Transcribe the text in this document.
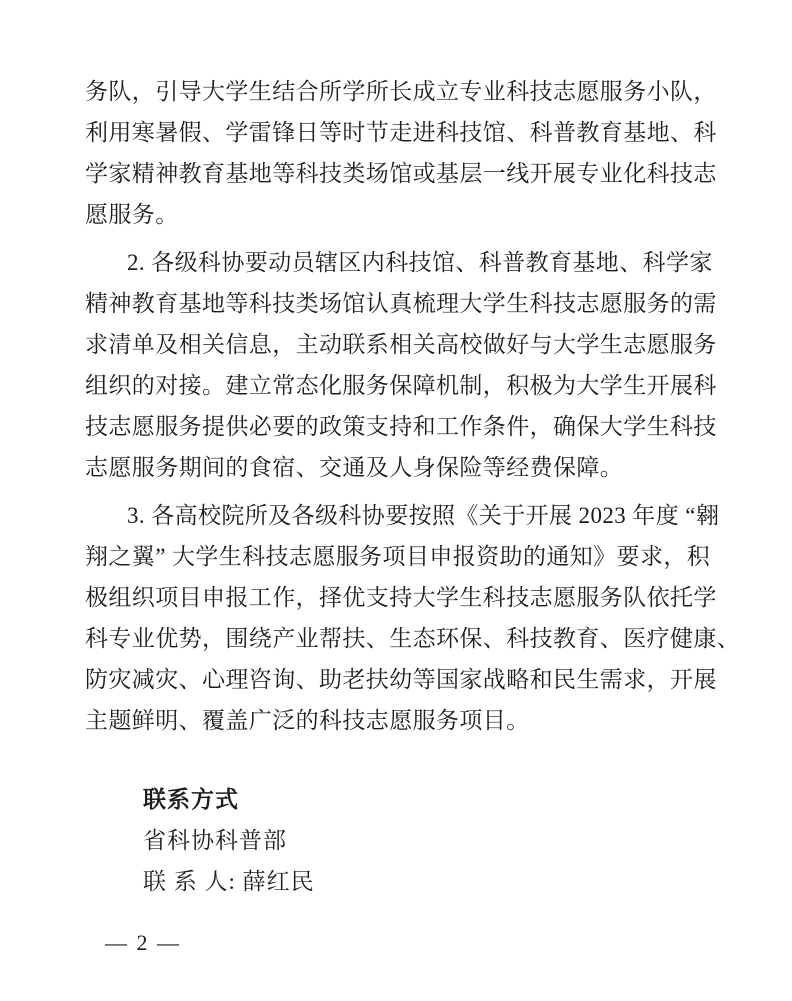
务队，引导大学生结合所学所长成立专业科技志愿服务小队，
利用寒暑假、学雷锋日等时节走进科技馆、科普教育基地、科
学家精神教育基地等科技类场馆或基层一线开展专业化科技志
愿服务。
2. 各级科协要动员辖区内科技馆、科普教育基地、科学家
精神教育基地等科技类场馆认真梳理大学生科技志愿服务的需
求清单及相关信息，主动联系相关高校做好与大学生志愿服务
组织的对接。建立常态化服务保障机制，积极为大学生开展科
技志愿服务提供必要的政策支持和工作条件，确保大学生科技
志愿服务期间的食宿、交通及人身保险等经费保障。
3. 各高校院所及各级科协要按照《关于开展 2023 年度 “翱
翔之翼” 大学生科技志愿服务项目申报资助的通知》要求，积
极组织项目申报工作，择优支持大学生科技志愿服务队依托学
科专业优势，围绕产业帮扶、生态环保、科技教育、医疗健康、
防灾减灾、心理咨询、助老扶幼等国家战略和民生需求，开展
主题鲜明、覆盖广泛的科技志愿服务项目。
联系方式
省科协科普部
联 系 人: 薛红民
— 2 —
